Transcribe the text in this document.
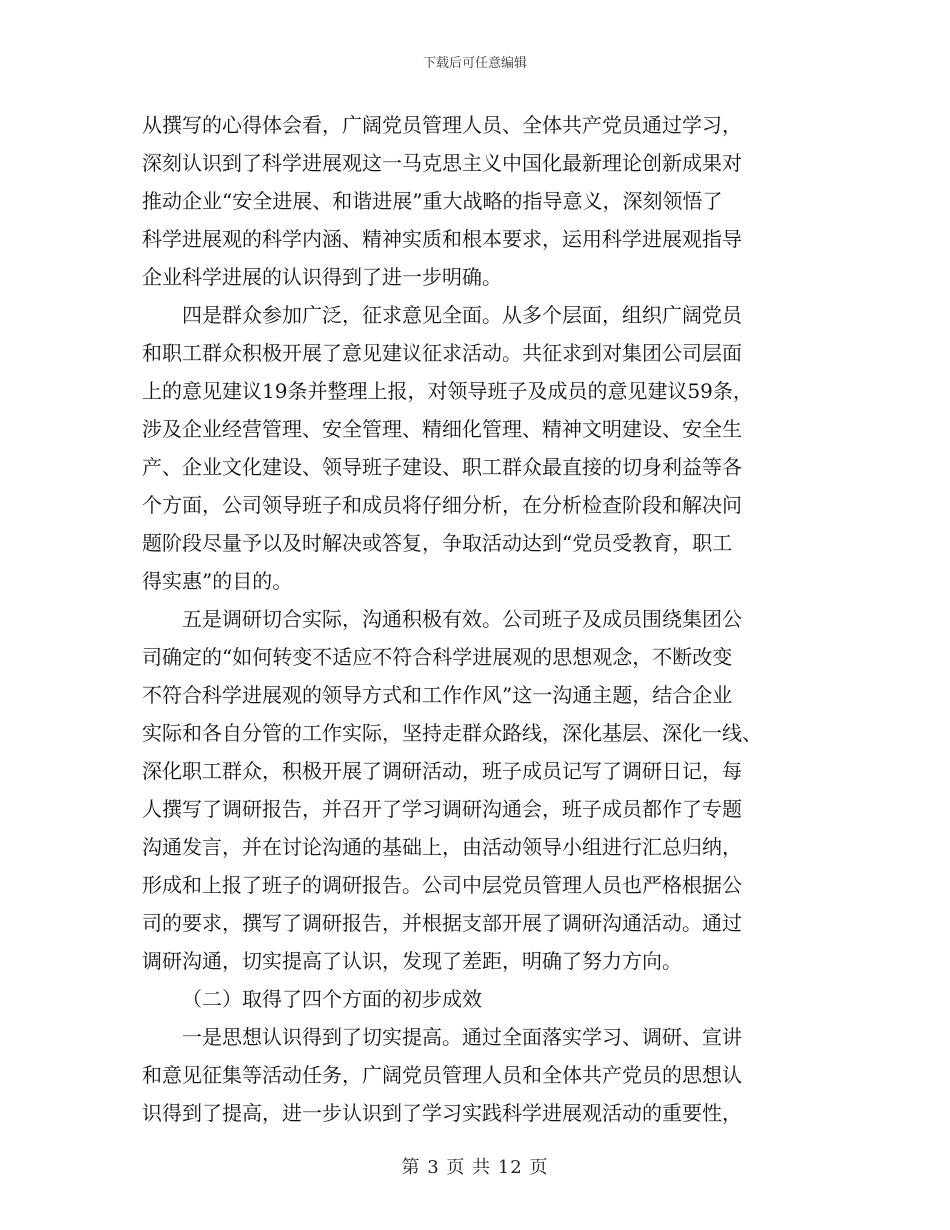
下载后可任意编辑
从撰写的心得体会看，广阔党员管理人员、全体共产党员通过学习，
深刻认识到了科学进展观这一马克思主义中国化最新理论创新成果对
推动企业“安全进展、和谐进展”重大战略的指导意义，深刻领悟了
科学进展观的科学内涵、精神实质和根本要求，运用科学进展观指导
企业科学进展的认识得到了进一步明确。
四是群众参加广泛，征求意见全面。从多个层面，组织广阔党员
和职工群众积极开展了意见建议征求活动。共征求到对集团公司层面
上的意见建议19条并整理上报，对领导班子及成员的意见建议59条，
涉及企业经营管理、安全管理、精细化管理、精神文明建设、安全生
产、企业文化建设、领导班子建设、职工群众最直接的切身利益等各
个方面，公司领导班子和成员将仔细分析，在分析检查阶段和解决问
题阶段尽量予以及时解决或答复，争取活动达到“党员受教育，职工
得实惠”的目的。
五是调研切合实际，沟通积极有效。公司班子及成员围绕集团公
司确定的“如何转变不适应不符合科学进展观的思想观念，不断改变
不符合科学进展观的领导方式和工作作风”这一沟通主题，结合企业
实际和各自分管的工作实际，坚持走群众路线，深化基层、深化一线、
深化职工群众，积极开展了调研活动，班子成员记写了调研日记，每
人撰写了调研报告，并召开了学习调研沟通会，班子成员都作了专题
沟通发言，并在讨论沟通的基础上，由活动领导小组进行汇总归纳，
形成和上报了班子的调研报告。公司中层党员管理人员也严格根据公
司的要求，撰写了调研报告，并根据支部开展了调研沟通活动。通过
调研沟通，切实提高了认识，发现了差距，明确了努力方向。
（二）取得了四个方面的初步成效
一是思想认识得到了切实提高。通过全面落实学习、调研、宣讲
和意见征集等活动任务，广阔党员管理人员和全体共产党员的思想认
识得到了提高，进一步认识到了学习实践科学进展观活动的重要性，
第 3 页 共 12 页
